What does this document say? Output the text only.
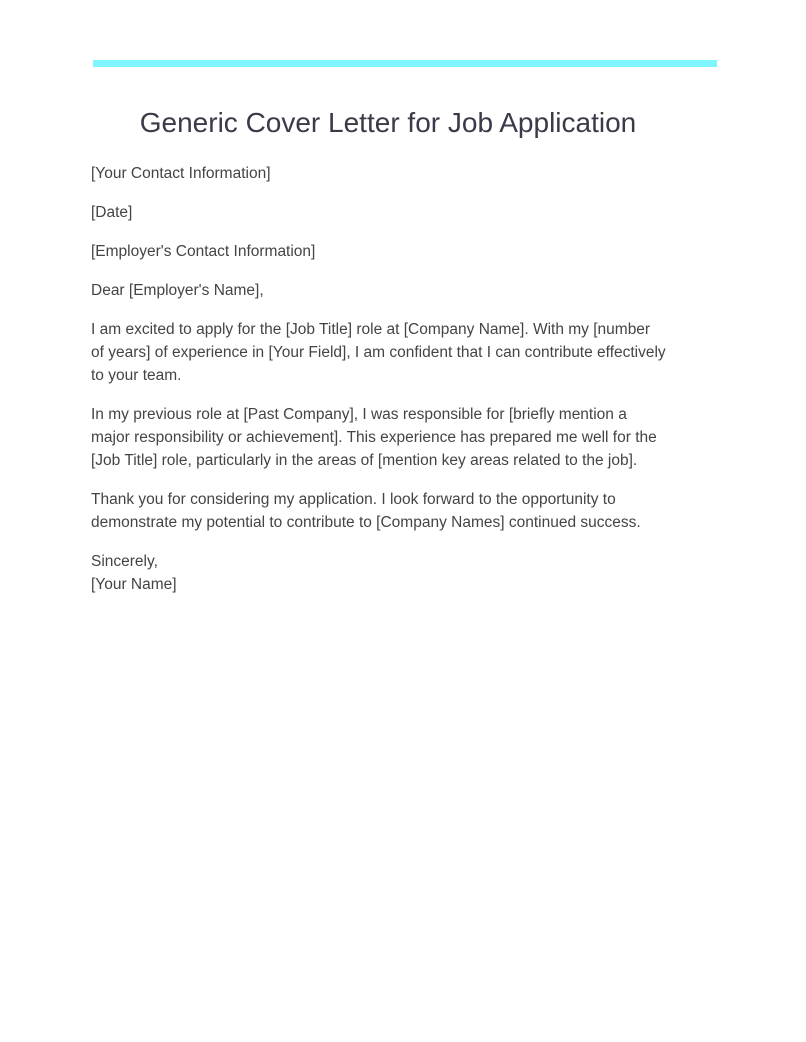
Generic Cover Letter for Job Application

[Your Contact Information]

[Date]

[Employer's Contact Information]

Dear [Employer's Name],

I am excited to apply for the [Job Title] role at [Company Name]. With my [number
of years] of experience in [Your Field], I am confident that I can contribute effectively
to your team.

In my previous role at [Past Company], I was responsible for [briefly mention a
major responsibility or achievement]. This experience has prepared me well for the
[Job Title] role, particularly in the areas of [mention key areas related to the job].

Thank you for considering my application. I look forward to the opportunity to
demonstrate my potential to contribute to [Company Names] continued success.

Sincerely,
[Your Name]
